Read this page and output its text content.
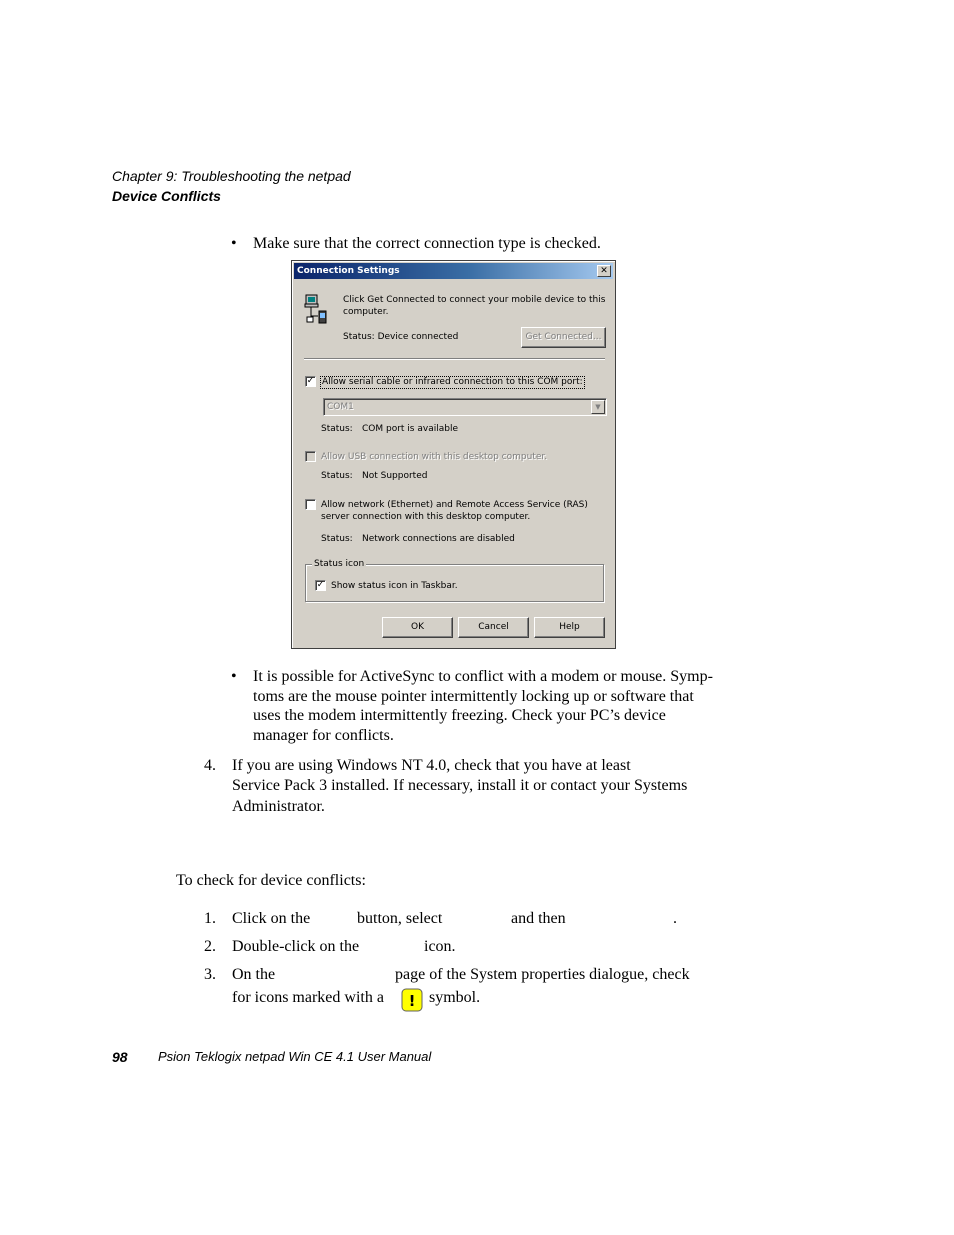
Chapter 9: Troubleshooting the netpad
Device Conflicts
• Make sure that the correct connection type is checked.
Connection Settings	✕
Click Get Connected to connect your mobile device to this
computer.
Status: Device connected	Get Connected...
✓ Allow serial cable or infrared connection to this COM port:
COM1	▼
Status: COM port is available
Allow USB connection with this desktop computer.
Status: Not Supported
Allow network (Ethernet) and Remote Access Service (RAS)
server connection with this desktop computer.
Status: Network connections are disabled
Status icon
✓ Show status icon in Taskbar.
OK	Cancel	Help
• It is possible for ActiveSync to conflict with a modem or mouse. Symp-
toms are the mouse pointer intermittently locking up or software that
uses the modem intermittently freezing. Check your PC’s device
manager for conflicts.
4. If you are using Windows NT 4.0, check that you have at least
Service Pack 3 installed. If necessary, install it or contact your Systems
Administrator.
To check for device conflicts:
1. Click on the	button, select	and then	.
2. Double-click on the	icon.
3. On the	page of the System properties dialogue, check
for icons marked with a ! symbol.
98 Psion Teklogix netpad Win CE 4.1 User Manual
